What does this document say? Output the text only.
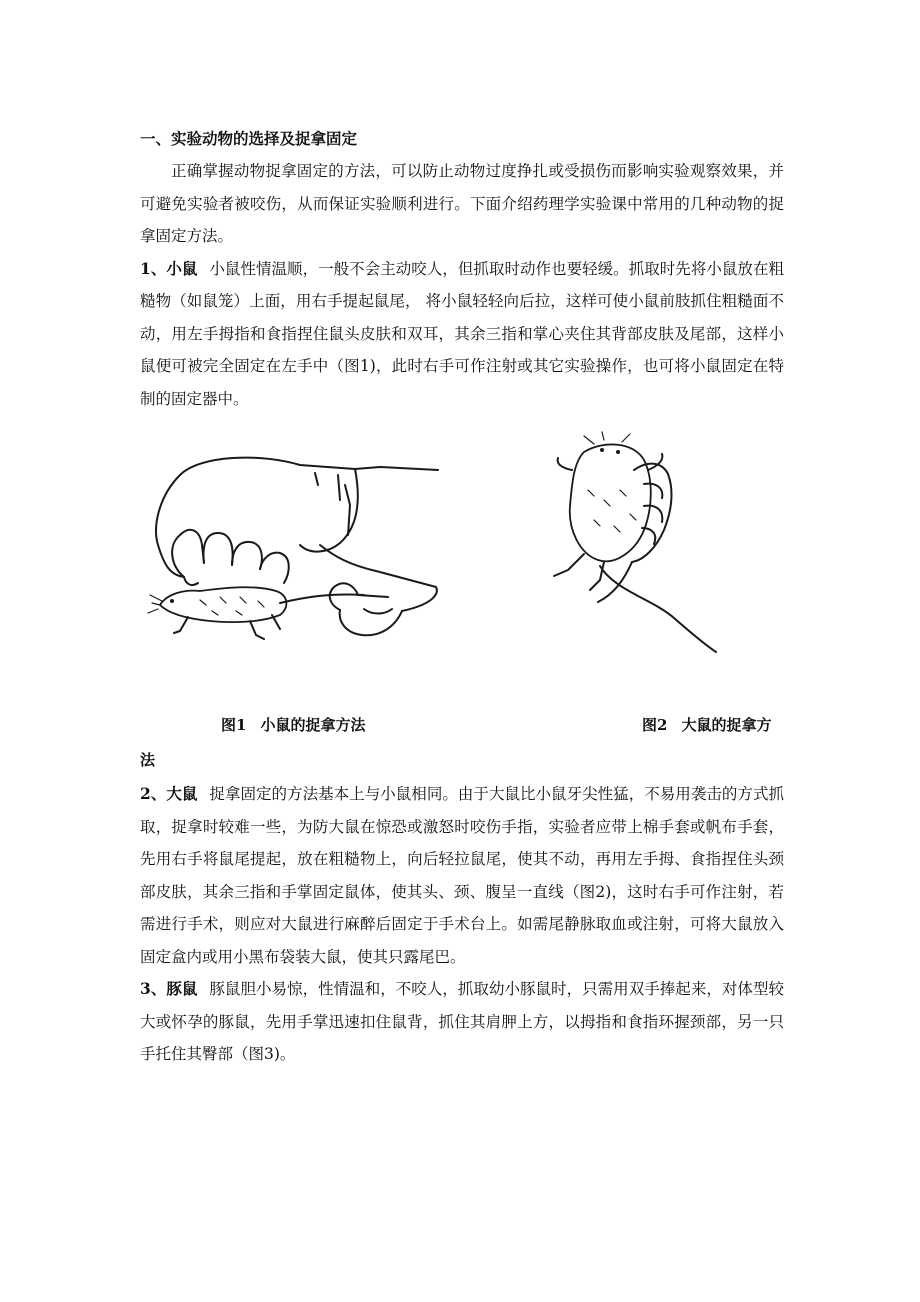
一、实验动物的选择及捉拿固定

正确掌握动物捉拿固定的方法，可以防止动物过度挣扎或受损伤而影响实验观察效果，并可避免实验者被咬伤，从而保证实验顺利进行。下面介绍药理学实验课中常用的几种动物的捉拿固定方法。

1、小鼠 小鼠性情温顺，一般不会主动咬人，但抓取时动作也要轻缓。抓取时先将小鼠放在粗糙物（如鼠笼）上面，用右手提起鼠尾， 将小鼠轻轻向后拉，这样可使小鼠前肢抓住粗糙面不动，用左手拇指和食指捏住鼠头皮肤和双耳，其余三指和掌心夹住其背部皮肤及尾部，这样小鼠便可被完全固定在左手中（图1)，此时右手可作注射或其它实验操作，也可将小鼠固定在特制的固定器中。

图1 小鼠的捉拿方法	图2 大鼠的捉拿方
法

2、大鼠 捉拿固定的方法基本上与小鼠相同。由于大鼠比小鼠牙尖性猛，不易用袭击的方式抓取，捉拿时较难一些，为防大鼠在惊恐或激怒时咬伤手指，实验者应带上棉手套或帆布手套，先用右手将鼠尾提起，放在粗糙物上，向后轻拉鼠尾，使其不动，再用左手拇、食指捏住头颈部皮肤，其余三指和手掌固定鼠体，使其头、颈、腹呈一直线（图2)，这时右手可作注射，若需进行手术，则应对大鼠进行麻醉后固定于手术台上。如需尾静脉取血或注射，可将大鼠放入固定盒内或用小黑布袋装大鼠，使其只露尾巴。

3、豚鼠 豚鼠胆小易惊，性情温和，不咬人，抓取幼小豚鼠时，只需用双手捧起来，对体型较大或怀孕的豚鼠，先用手掌迅速扣住鼠背，抓住其肩胛上方，以拇指和食指环握颈部，另一只手托住其臀部（图3)。
